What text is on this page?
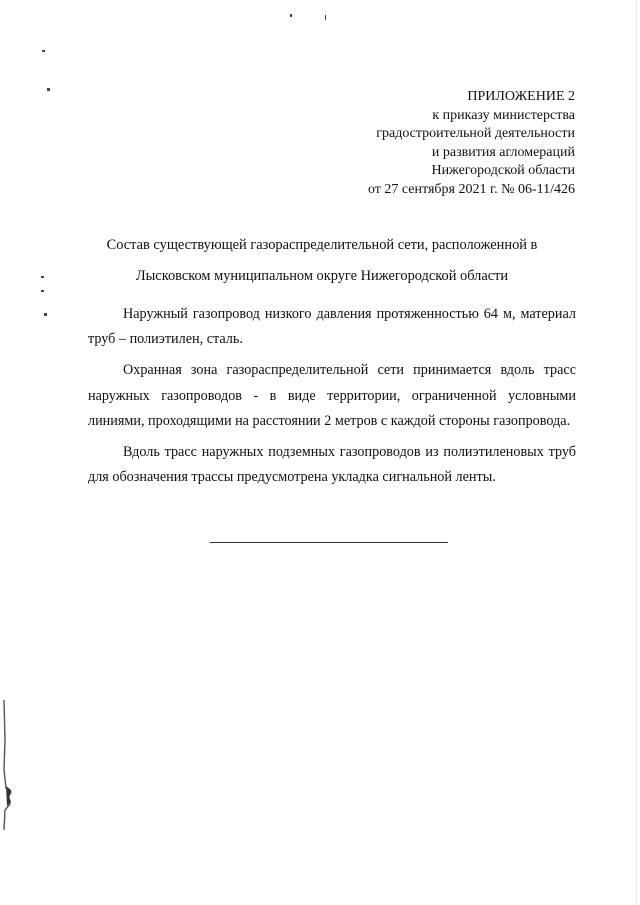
ПРИЛОЖЕНИЕ 2
к приказу министерства
градостроительной деятельности
и развития агломераций
Нижегородской области
от 27 сентября 2021 г. № 06-11/426
Состав существующей газораспределительной сети, расположенной в
Лысковском муниципальном округе Нижегородской области

Наружный газопровод низкого давления протяженностью 64 м, материал труб – полиэтилен, сталь.

Охранная зона газораспределительной сети принимается вдоль трасс наружных газопроводов - в виде территории, ограниченной условными линиями, проходящими на расстоянии 2 метров с каждой стороны газопровода.

Вдоль трасс наружных подземных газопроводов из полиэтиленовых труб для обозначения трассы предусмотрена укладка сигнальной ленты.
